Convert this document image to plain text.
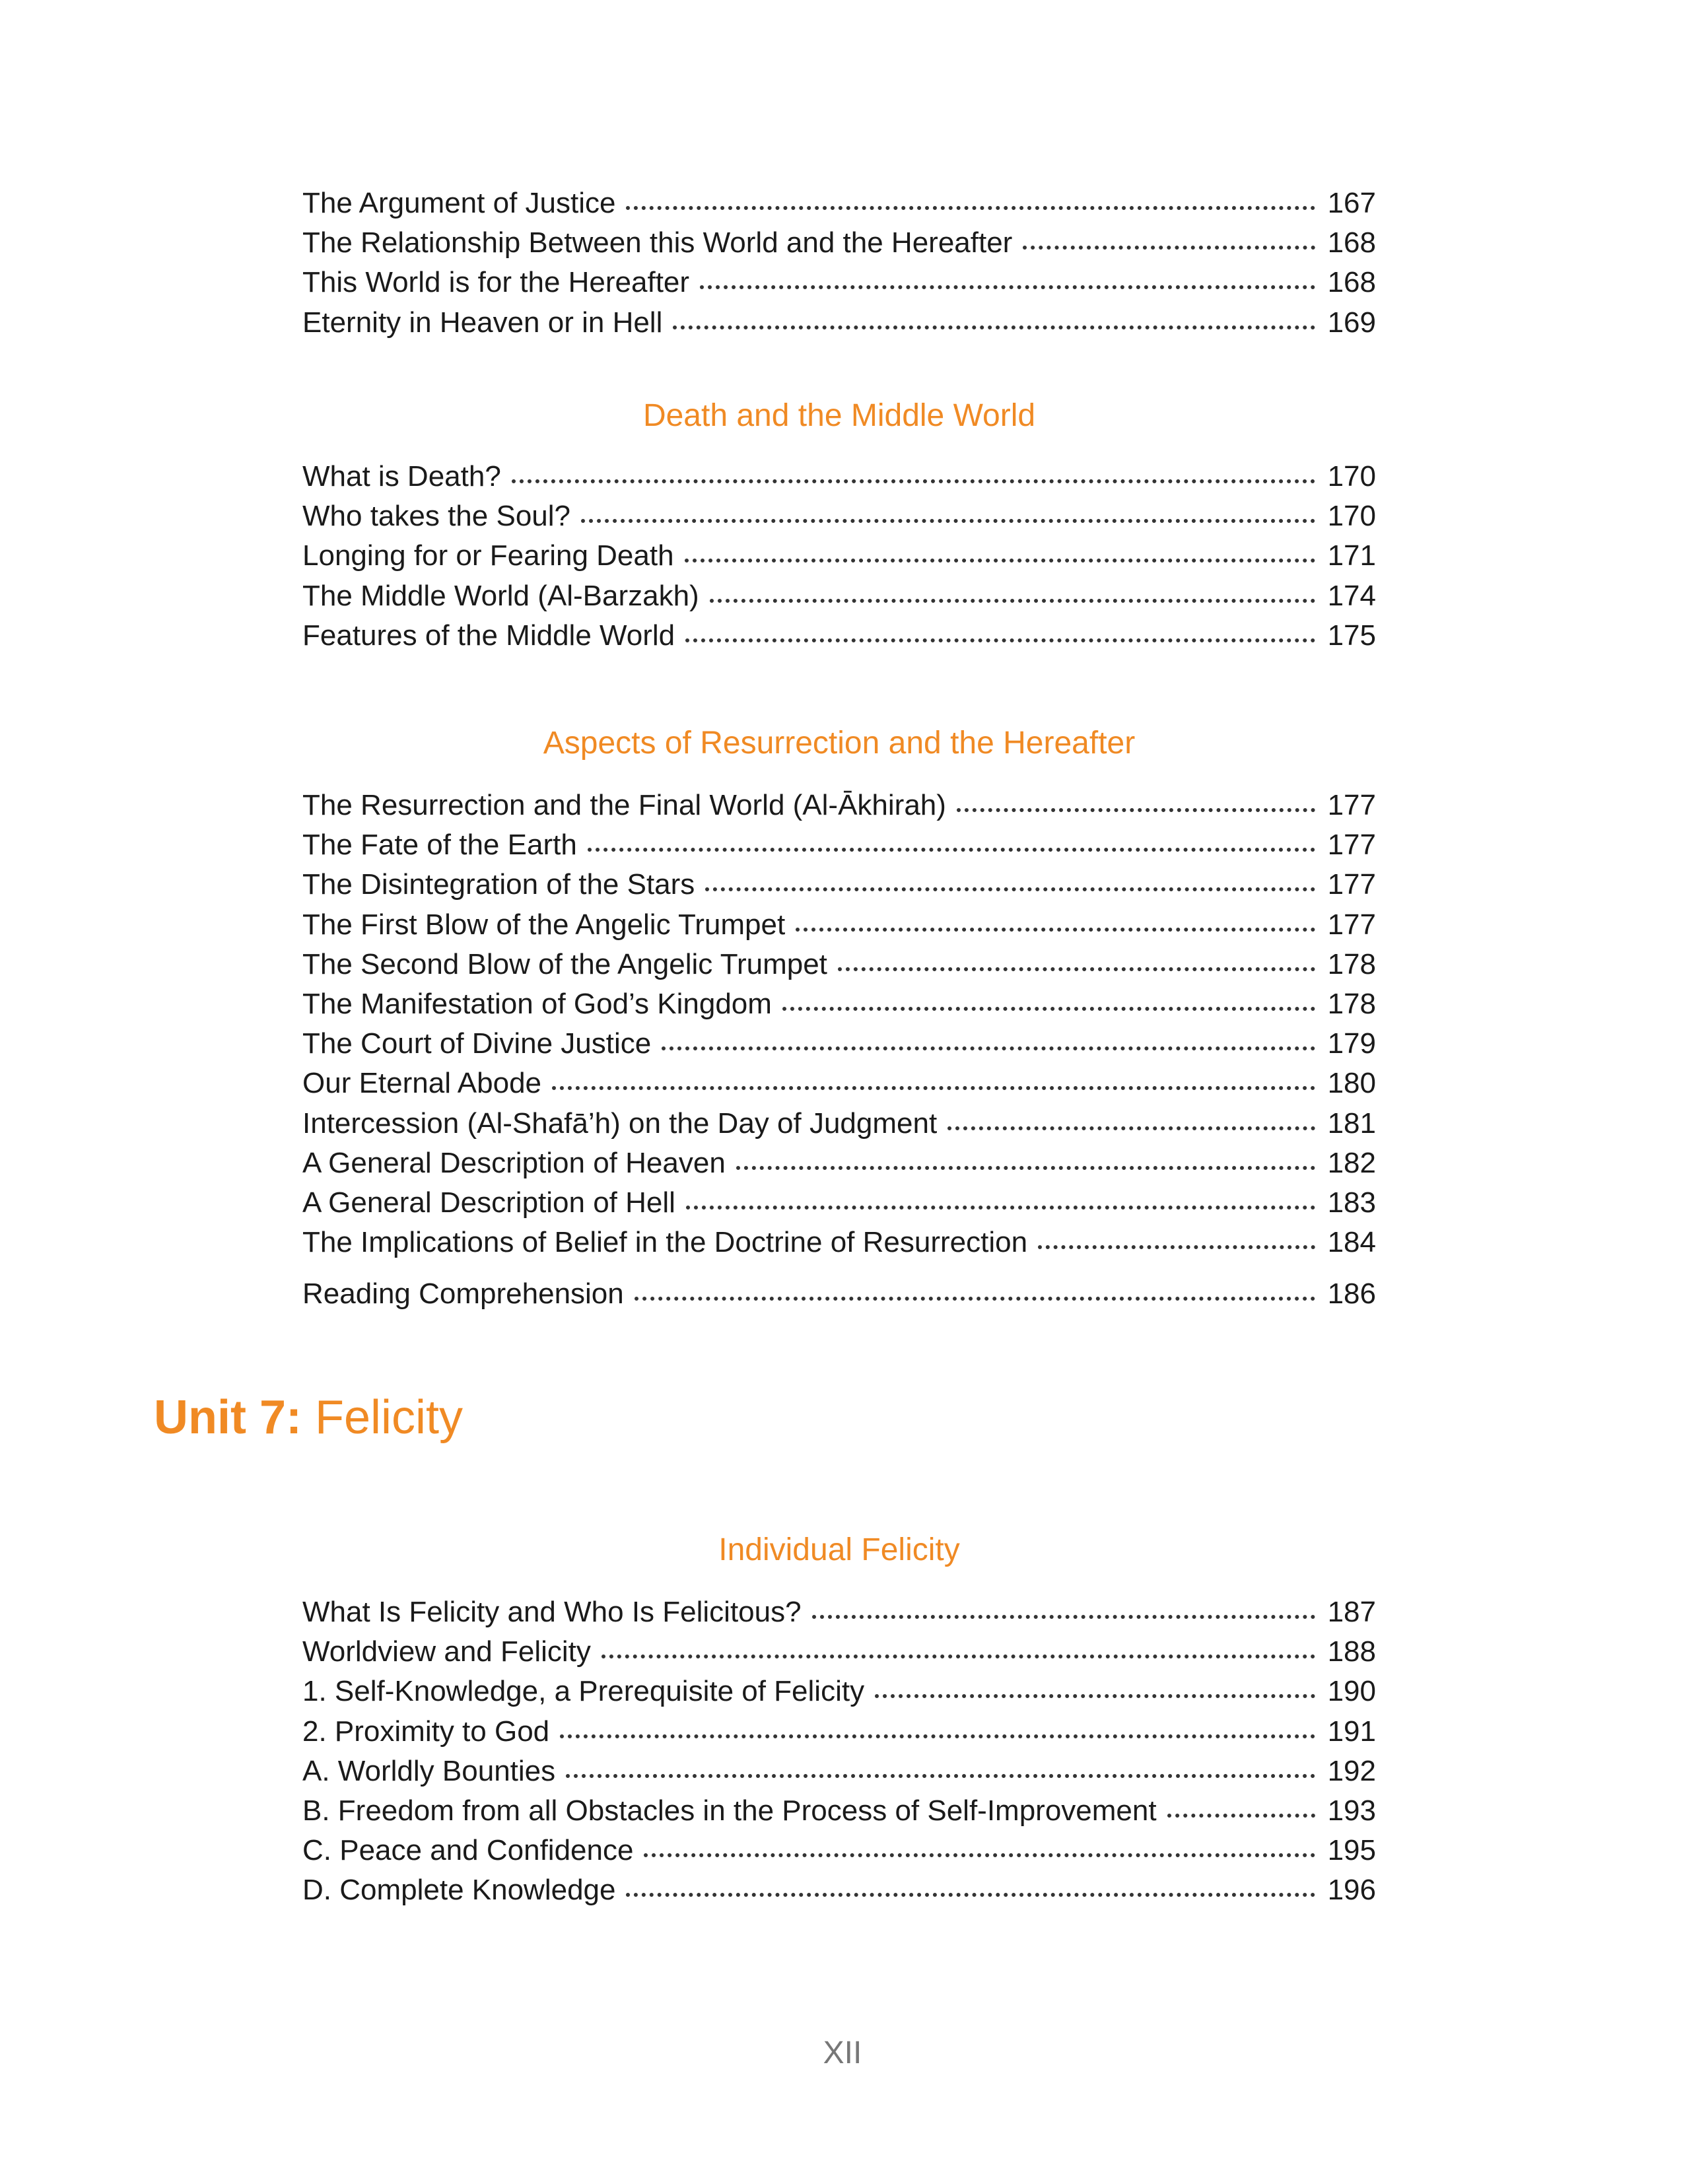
The Argument of Justice	167
The Relationship Between this World and the Hereafter	168
This World is for the Hereafter	168
Eternity in Heaven or in Hell	169
Death and the Middle World
What is Death?	170
Who takes the Soul?	170
Longing for or Fearing Death	171
The Middle World (Al-Barzakh)	174
Features of the Middle World	175
Aspects of Resurrection and the Hereafter
The Resurrection and the Final World (Al-Ākhirah)	177
The Fate of the Earth	177
The Disintegration of the Stars	177
The First Blow of the Angelic Trumpet	177
The Second Blow of the Angelic Trumpet	178
The Manifestation of God’s Kingdom	178
The Court of Divine Justice	179
Our Eternal Abode	180
Intercession (Al-Shafā’h) on the Day of Judgment	181
A General Description of Heaven	182
A General Description of Hell	183
The Implications of Belief in the Doctrine of Resurrection	184
Reading Comprehension	186
Unit 7: Felicity
Individual Felicity
What Is Felicity and Who Is Felicitous?	187
Worldview and Felicity	188
1. Self-Knowledge, a Prerequisite of Felicity	190
2. Proximity to God	191
A. Worldly Bounties	192
B. Freedom from all Obstacles in the Process of Self-Improvement	193
C. Peace and Confidence	195
D. Complete Knowledge	196
XII
